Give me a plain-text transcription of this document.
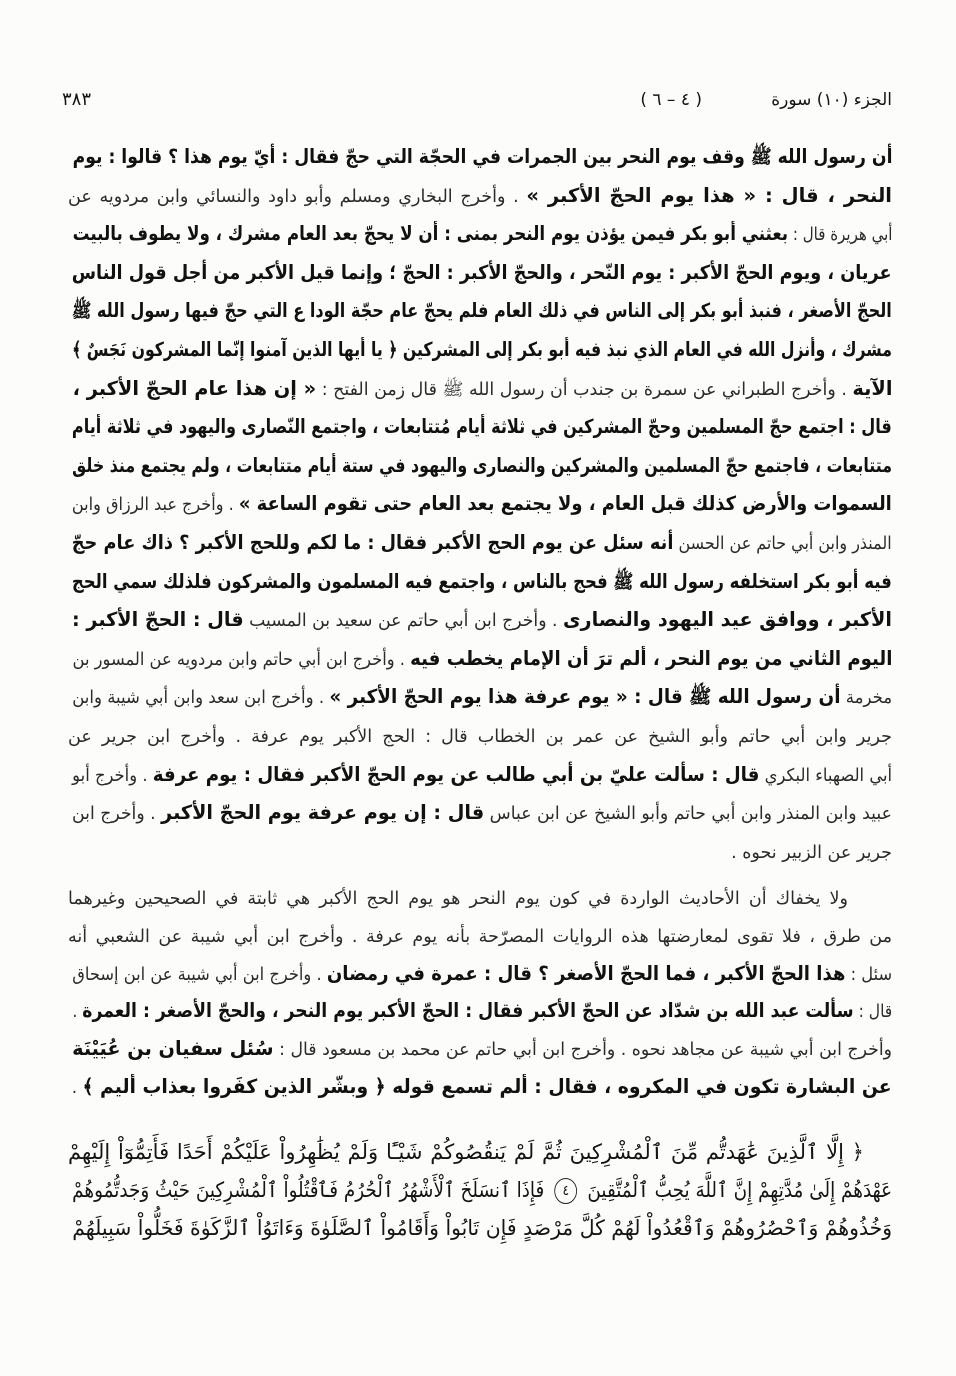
الجزء (١٠) سورة
( ٤ – ٦ )
٣٨٣
أن رسول الله ﷺ وقف يوم النحر بين الجمرات في الحجّة التي حجّ فقال : أيّ يوم هذا ؟ قالوا : يوم
النحر ، قال : « هذا يوم الحجّ الأكبر » . وأخرج البخاري ومسلم وأبو داود والنسائي وابن مردويه عن
أبي هريرة قال : بعثني أبو بكر فيمن يؤذن يوم النحر بمنى : أن لا يحجّ بعد العام مشرك ، ولا يطوف بالبيت
عريان ، ويوم الحجّ الأكبر : يوم النّحر ، والحجّ الأكبر : الحجّ ؛ وإنما قيل الأكبر من أجل قول الناس
الحجّ الأصغر ، فنبذ أبو بكر إلى الناس في ذلك العام فلم يحجّ عام حجّة الودا ع التي حجّ فيها رسول الله ﷺ
مشرك ، وأنزل الله في العام الذي نبذ فيه أبو بكر إلى المشركين ﴿ يا أيها الذين آمنوا إنّما المشركون نَجَسٌ ﴾
الآية . وأخرج الطبراني عن سمرة بن جندب أن رسول الله ﷺ قال زمن الفتح : « إن هذا عام الحجّ الأكبر ،
قال : اجتمع حجّ المسلمين وحجّ المشركين في ثلاثة أيام مُتتابعات ، واجتمع النّصارى واليهود في ثلاثة أيام
متتابعات ، فاجتمع حجّ المسلمين والمشركين والنصارى واليهود في ستة أيام متتابعات ، ولم يجتمع منذ خلق
السموات والأرض كذلك قبل العام ، ولا يجتمع بعد العام حتى تقوم الساعة » . وأخرج عبد الرزاق وابن
المنذر وابن أبي حاتم عن الحسن أنه سئل عن يوم الحج الأكبر فقال : ما لكم وللحج الأكبر ؟ ذاك عام حجّ
فيه أبو بكر استخلفه رسول الله ﷺ فحج بالناس ، واجتمع فيه المسلمون والمشركون فلذلك سمي الحج
الأكبر ، ووافق عيد اليهود والنصارى . وأخرج ابن أبي حاتم عن سعيد بن المسيب قال : الحجّ الأكبر :
اليوم الثاني من يوم النحر ، ألم ترَ أن الإمام يخطب فيه . وأخرج ابن أبي حاتم وابن مردويه عن المسور بن
مخرمة أن رسول الله ﷺ قال : « يوم عرفة هذا يوم الحجّ الأكبر » . وأخرج ابن سعد وابن أبي شيبة وابن
جرير وابن أبي حاتم وأبو الشيخ عن عمر بن الخطاب قال : الحج الأكبر يوم عرفة . وأخرج ابن جرير عن
أبي الصهباء البكري قال : سألت عليّ بن أبي طالب عن يوم الحجّ الأكبر فقال : يوم عرفة . وأخرج أبو
عبيد وابن المنذر وابن أبي حاتم وأبو الشيخ عن ابن عباس قال : إن يوم عرفة يوم الحجّ الأكبر . وأخرج ابن
جرير عن الزبير نحوه .
ولا يخفاك أن الأحاديث الواردة في كون يوم النحر هو يوم الحج الأكبر هي ثابتة في الصحيحين وغيرهما
من طرق ، فلا تقوى لمعارضتها هذه الروايات المصرّحة بأنه يوم عرفة . وأخرج ابن أبي شيبة عن الشعبي أنه
سئل : هذا الحجّ الأكبر ، فما الحجّ الأصغر ؟ قال : عمرة في رمضان . وأخرج ابن أبي شيبة عن ابن إسحاق
قال : سألت عبد الله بن شدّاد عن الحجّ الأكبر فقال : الحجّ الأكبر يوم النحر ، والحجّ الأصغر : العمرة .
وأخرج ابن أبي شيبة عن مجاهد نحوه . وأخرج ابن أبي حاتم عن محمد بن مسعود قال : سُئل سفيان بن عُيَيْنَة
عن البشارة تكون في المكروه ، فقال : ألم تسمع قوله ﴿ وبشّر الذين كفَروا بعذاب أليم ﴾ .
﴿ إِلَّا ٱلَّذِينَ عَٰهَدتُّم مِّنَ ٱلْمُشْرِكِينَ ثُمَّ لَمْ يَنقُصُوكُمْ شَيْـًٔا وَلَمْ يُظَٰهِرُواْ عَلَيْكُمْ أَحَدًا فَأَتِمُّوٓاْ إِلَيْهِمْ
عَهْدَهُمْ إِلَىٰ مُدَّتِهِمْ إِنَّ ٱللَّهَ يُحِبُّ ٱلْمُتَّقِينَ ٤ فَإِذَا ٱنسَلَخَ ٱلْأَشْهُرُ ٱلْحُرُمُ فَٱقْتُلُواْ ٱلْمُشْرِكِينَ حَيْثُ وَجَدتُّمُوهُمْ
وَخُذُوهُمْ وَٱحْصُرُوهُمْ وَٱقْعُدُواْ لَهُمْ كُلَّ مَرْصَدٍ فَإِن تَابُواْ وَأَقَامُواْ ٱلصَّلَوٰةَ وَءَاتَوُاْ ٱلزَّكَوٰةَ فَخَلُّواْ سَبِيلَهُمْ
